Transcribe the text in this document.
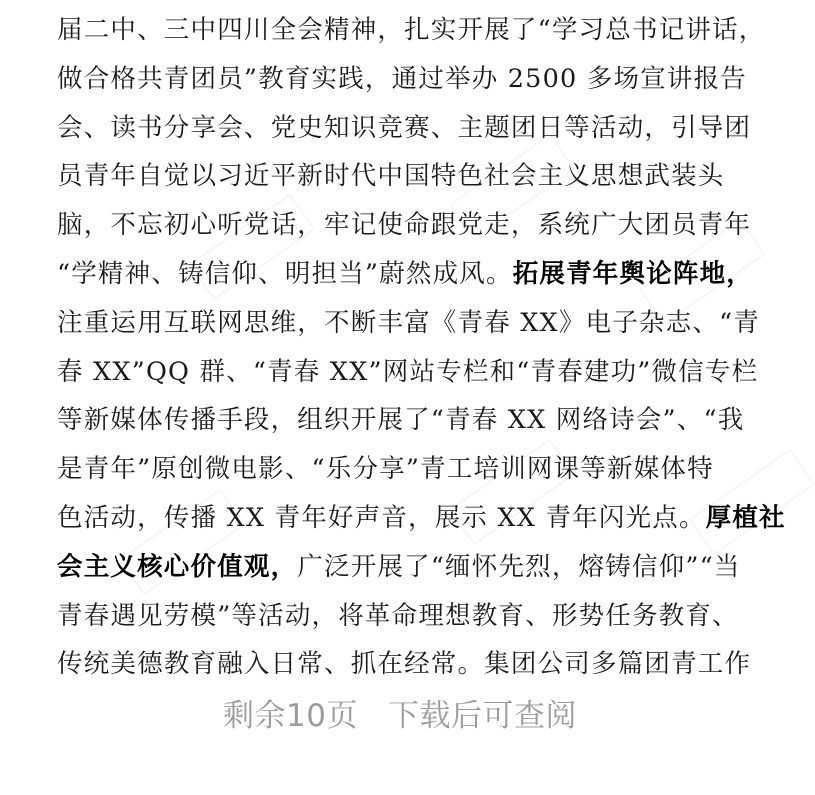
届二中、三中四川全会精神，扎实开展了“学习总书记讲话，
做合格共青团员”教育实践，通过举办 2500 多场宣讲报告
会、读书分享会、党史知识竞赛、主题团日等活动，引导团
员青年自觉以习近平新时代中国特色社会主义思想武装头
脑，不忘初心听党话，牢记使命跟党走，系统广大团员青年
“学精神、铸信仰、明担当”蔚然成风。拓展青年舆论阵地，
注重运用互联网思维，不断丰富《青春 XX》电子杂志、“青
春 XX”QQ 群、“青春 XX”网站专栏和“青春建功”微信专栏
等新媒体传播手段，组织开展了“青春 XX 网络诗会”、“我
是青年”原创微电影、“乐分享”青工培训网课等新媒体特
色活动，传播 XX 青年好声音，展示 XX 青年闪光点。厚植社
会主义核心价值观，广泛开展了“缅怀先烈，熔铸信仰”“当
青春遇见劳模”等活动，将革命理想教育、形势任务教育、
传统美德教育融入日常、抓在经常。集团公司多篇团青工作
剩余10页 下载后可查阅
